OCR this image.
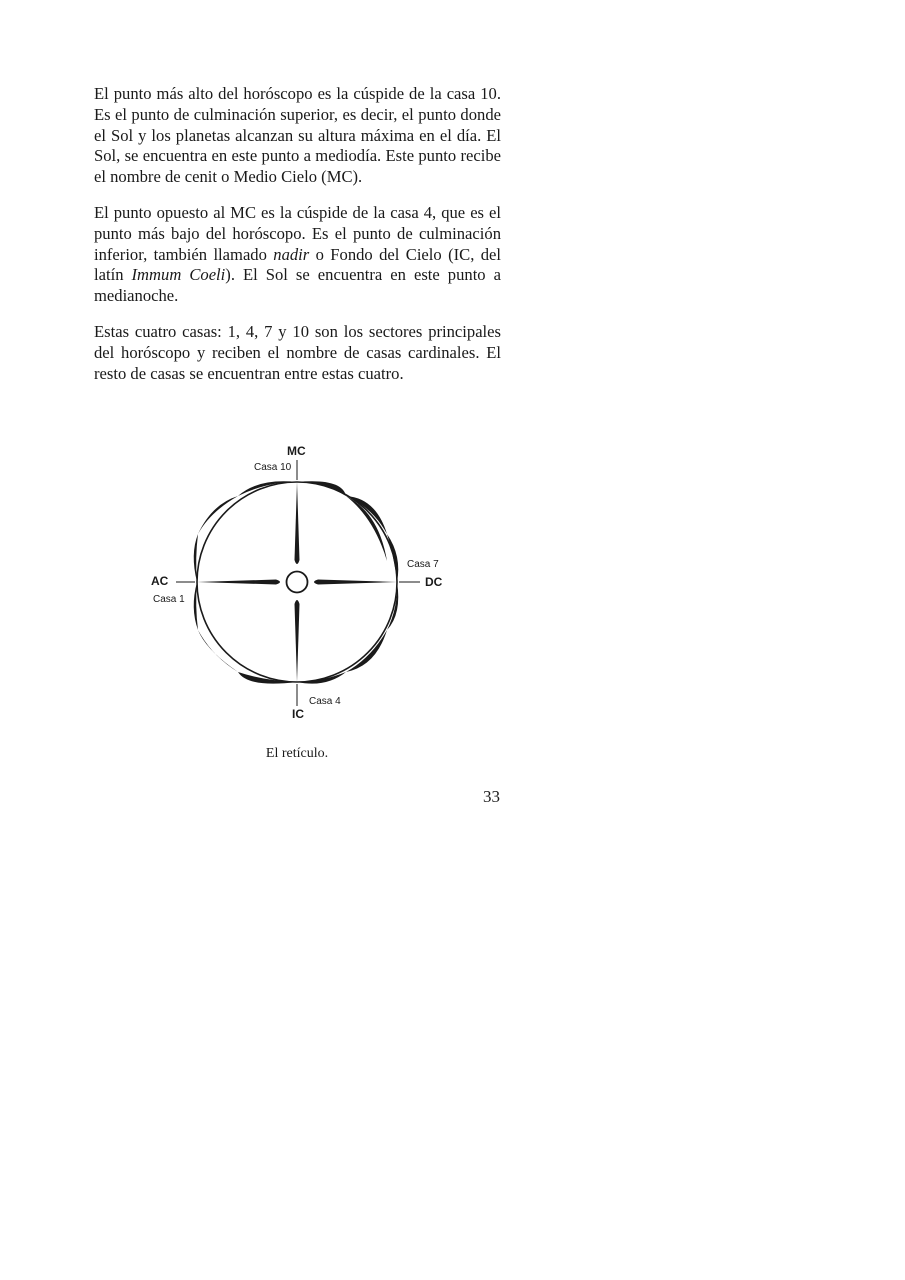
El punto más alto del horóscopo es la cúspide de la casa 10. Es el punto de culminación superior, es decir, el punto donde el Sol y los planetas alcanzan su altura máxima en el día. El Sol, se encuentra en este punto a mediodía. Este punto recibe el nombre de cenit o Medio Cielo (MC).

El punto opuesto al MC es la cúspide de la casa 4, que es el punto más bajo del horóscopo. Es el punto de culminación inferior, también llamado nadir o Fondo del Cielo (IC, del latín Immum Coeli). El Sol se encuentra en este punto a medianoche.

Estas cuatro casas: 1, 4, 7 y 10 son los sectores principales del horóscopo y reciben el nombre de casas cardinales. El resto de casas se encuentran entre estas cuatro.

MC
Casa 10
AC
Casa 1
Casa 7
DC
Casa 4
IC
El retículo.
33
